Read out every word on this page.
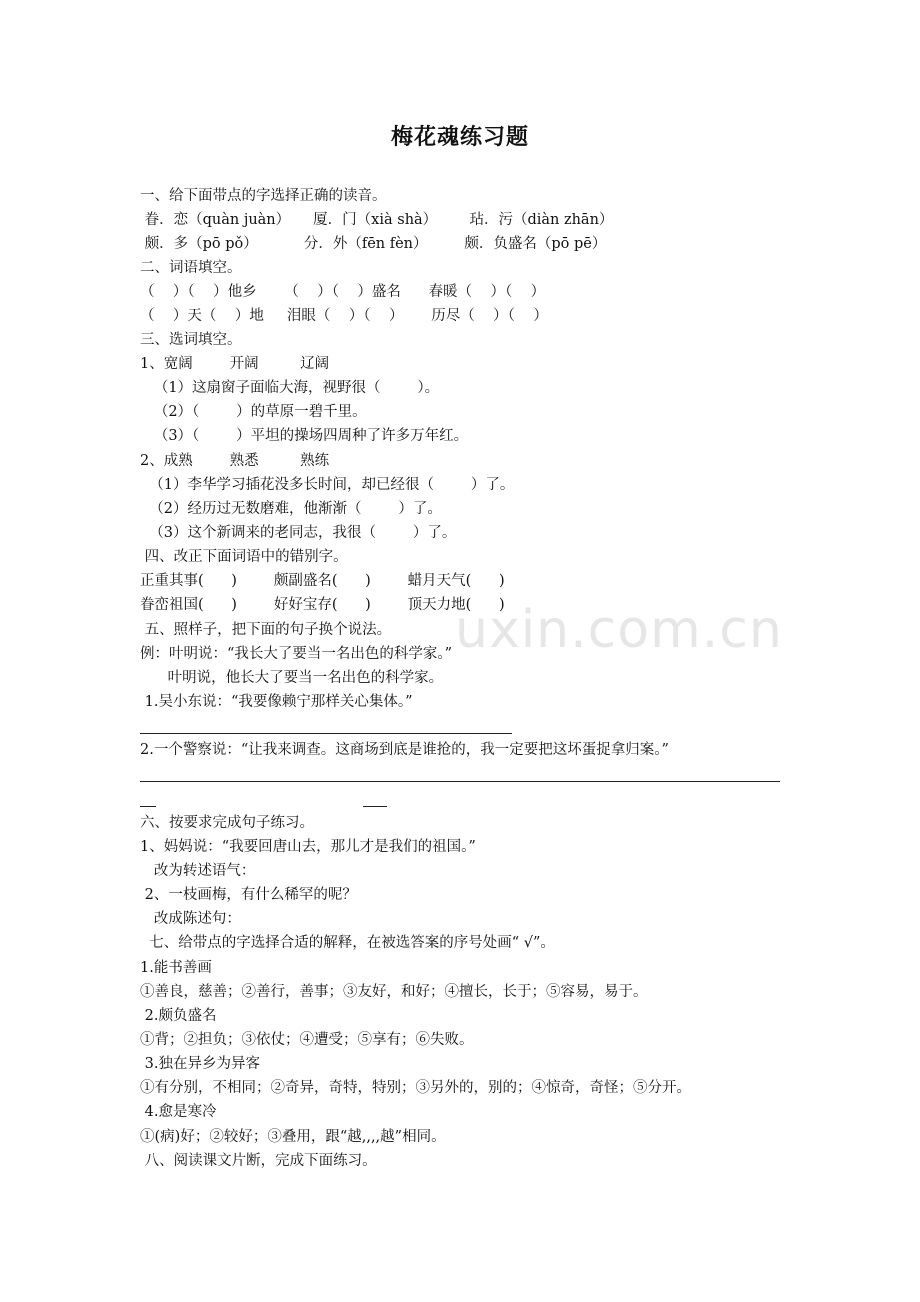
uxin.com.cn
梅花魂练习题
一、给下面带点的字选择正确的读音。
眷．恋（quàn juàn）     厦．门（xià shà）       玷．污（diàn zhān）
颇．多（pō pǒ）          分．外（fēn fèn）        颇．负盛名（pō pē）
二、词语填空。
（    ）（    ）他乡      （    ）（    ）盛名      春暖（    ）（    ）
（    ）天（    ）地     泪眼（    ）（    ）      历尽（    ）（    ）
三、选词填空。
1、宽阔        开阔         辽阔
（1）这扇窗子面临大海，视野很（        ）。
（2）（        ）的草原一碧千里。
（3）（        ）平坦的操场四周种了许多万年红。
2、成熟        熟悉         熟练
（1）李华学习插花没多长时间，却已经很（        ）了。
（2）经历过无数磨难，他渐渐（        ）了。
（3）这个新调来的老同志，我很（        ）了。
四、改正下面词语中的错别字。
正重其事(      )        颇副盛名(      )        蜡月天气(      )
眷峦祖国(      )        好好宝存(      )        顶天力地(      )
五、照样子，把下面的句子换个说法。
例：叶明说：“我长大了要当一名出色的科学家。”
叶明说，他长大了要当一名出色的科学家。
1.吴小东说：“我要像赖宁那样关心集体。”
2.一个警察说：“让我来调查。这商场到底是谁抢的，我一定要把这坏蛋捉拿归案。”
六、按要求完成句子练习。
1、妈妈说：“我要回唐山去，那儿才是我们的祖国。”
改为转述语气：
2、一枝画梅，有什么稀罕的呢？
改成陈述句：
七、给带点的字选择合适的解释，在被选答案的序号处画“ √”。
1.能书善画
①善良，慈善；②善行，善事；③友好，和好；④擅长，长于；⑤容易，易于。
2.颇负盛名
①背；②担负；③依仗；④遭受；⑤享有；⑥失败。
3.独在异乡为异客
①有分别，不相同；②奇异，奇特，特别；③另外的，别的；④惊奇，奇怪；⑤分开。
4.愈是寒冷
①(病)好；②较好；③叠用，跟“越,,,,越”相同。
八、阅读课文片断，完成下面练习。
